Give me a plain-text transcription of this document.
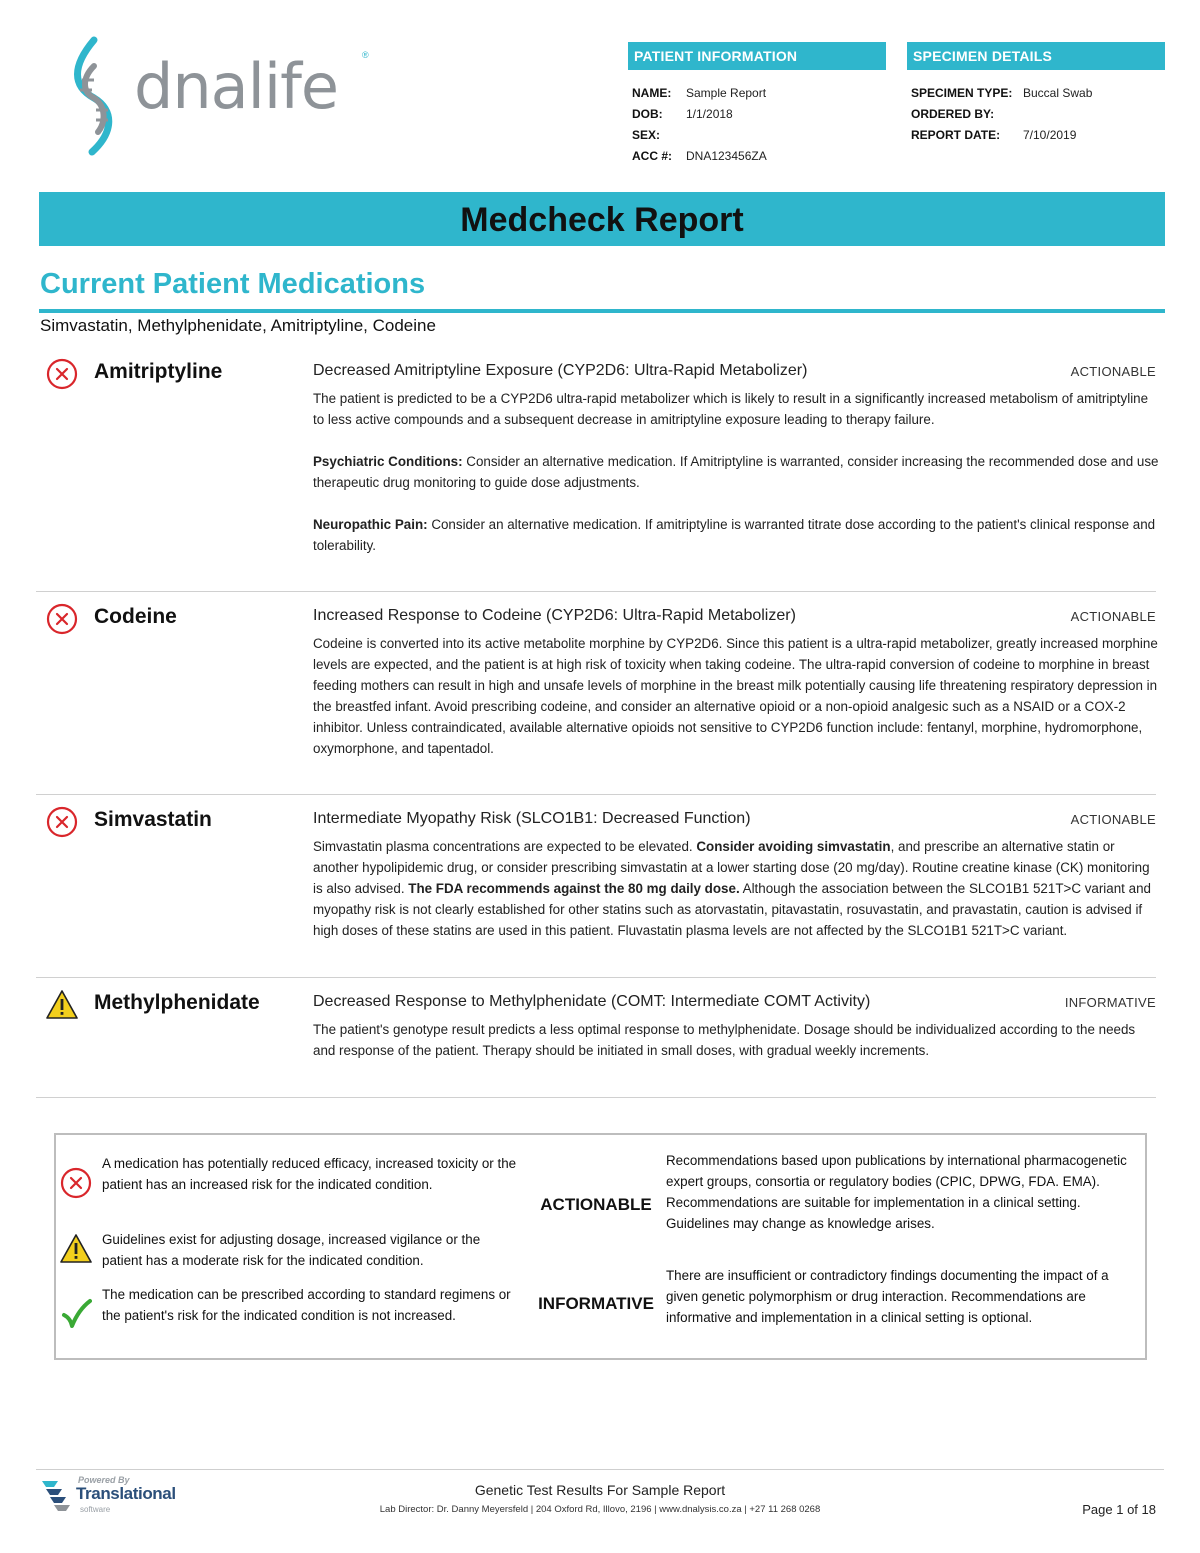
dnalife	®	PATIENT INFORMATION
NAME:	Sample Report
DOB:	1/1/2018
SEX:
ACC #:	DNA123456ZA
SPECIMEN DETAILS
SPECIMEN TYPE: Buccal Swab
ORDERED BY:
REPORT DATE:	7/10/2019
Medcheck Report
Current Patient Medications
Simvastatin, Methylphenidate, Amitriptyline, Codeine
Amitriptyline	Decreased Amitriptyline Exposure (CYP2D6: Ultra-Rapid Metabolizer)	ACTIONABLE

The patient is predicted to be a CYP2D6 ultra-rapid metabolizer which is likely to result in a significantly increased metabolism of amitriptyline to less active compounds and a subsequent decrease in amitriptyline exposure leading to therapy failure.

Psychiatric Conditions: Consider an alternative medication. If Amitriptyline is warranted, consider increasing the recommended dose and use therapeutic drug monitoring to guide dose adjustments.

Neuropathic Pain: Consider an alternative medication. If amitriptyline is warranted titrate dose according to the patient's clinical response and tolerability.

Codeine	Increased Response to Codeine (CYP2D6: Ultra-Rapid Metabolizer)	ACTIONABLE

Codeine is converted into its active metabolite morphine by CYP2D6. Since this patient is a ultra-rapid metabolizer, greatly increased morphine levels are expected, and the patient is at high risk of toxicity when taking codeine. The ultra-rapid conversion of codeine to morphine in breast feeding mothers can result in high and unsafe levels of morphine in the breast milk potentially causing life threatening respiratory depression in the breastfed infant. Avoid prescribing codeine, and consider an alternative opioid or a non-opioid analgesic such as a NSAID or a COX-2 inhibitor. Unless contraindicated, available alternative opioids not sensitive to CYP2D6 function include: fentanyl, morphine, hydromorphone, oxymorphone, and tapentadol.

Simvastatin	Intermediate Myopathy Risk (SLCO1B1: Decreased Function)	ACTIONABLE

Simvastatin plasma concentrations are expected to be elevated. Consider avoiding simvastatin, and prescribe an alternative statin or another hypolipidemic drug, or consider prescribing simvastatin at a lower starting dose (20 mg/day). Routine creatine kinase (CK) monitoring is also advised. The FDA recommends against the 80 mg daily dose. Although the association between the SLCO1B1 521T>C variant and myopathy risk is not clearly established for other statins such as atorvastatin, pitavastatin, rosuvastatin, and pravastatin, caution is advised if high doses of these statins are used in this patient. Fluvastatin plasma levels are not affected by the SLCO1B1 521T>C variant.

Methylphenidate	Decreased Response to Methylphenidate (COMT: Intermediate COMT Activity)	INFORMATIVE

The patient's genotype result predicts a less optimal response to methylphenidate. Dosage should be individualized according to the needs and response of the patient. Therapy should be initiated in small doses, with gradual weekly increments.

A medication has potentially reduced efficacy, increased toxicity or the patient has an increased risk for the indicated condition.
Guidelines exist for adjusting dosage, increased vigilance or the patient has a moderate risk for the indicated condition.
The medication can be prescribed according to standard regimens or the patient's risk for the indicated condition is not increased.
ACTIONABLE
Recommendations based upon publications by international pharmacogenetic expert groups, consortia or regulatory bodies (CPIC, DPWG, FDA. EMA). Recommendations are suitable for implementation in a clinical setting. Guidelines may change as knowledge arises.
INFORMATIVE
There are insufficient or contradictory findings documenting the impact of a given genetic polymorphism or drug interaction. Recommendations are informative and implementation in a clinical setting is optional.
Powered By
Translational
software
Genetic Test Results For Sample Report
Lab Director: Dr. Danny Meyersfeld | 204 Oxford Rd, Illovo, 2196 | www.dnalysis.co.za | +27 11 268 0268	Page 1 of 18
